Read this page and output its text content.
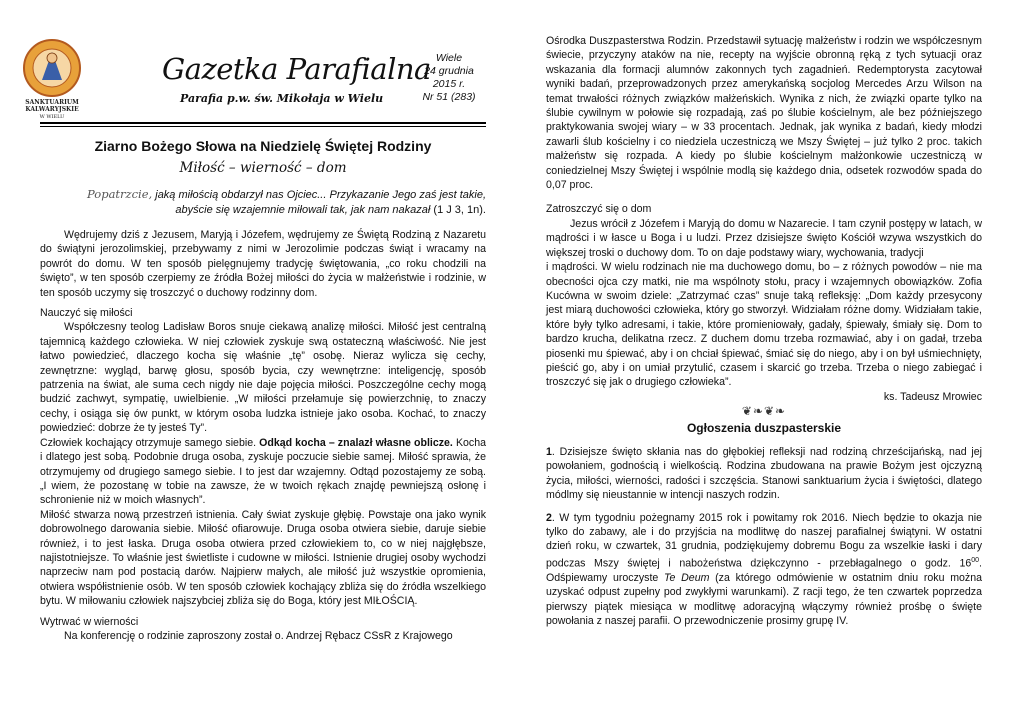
SANKTUARIUM
KALWARYJSKIE
W WIELU
Gazetka Parafialna
Parafia p.w. św. Mikołaja w Wielu
Wiele
24 grudnia
2015 r.
Nr 51 (283)
Ziarno Bożego Słowa na Niedzielę Świętej Rodziny
Miłość – wierność – dom
Popatrzcie, jaką miłością obdarzył nas Ojciec... Przykazanie Jego zaś jest takie,
abyście się wzajemnie miłowali tak, jak nam nakazał (1 J 3, 1n).

Wędrujemy dziś z Jezusem, Maryją i Józefem, wędrujemy ze Świętą Rodziną z Nazaretu do świątyni jerozolimskiej, przebywamy z nimi w Jerozolimie podczas świąt i wracamy na powrót do domu. W ten sposób pielęgnujemy tradycję świętowania, „co roku chodzili na święto”, w ten sposób czerpiemy ze źródła Bożej miłości do życia w małżeństwie i rodzinie, w ten sposób uczymy się troszczyć o duchowy rodzinny dom.

Nauczyć się miłości

Współczesny teolog Ladisław Boros snuje ciekawą analizę miłości. Miłość jest centralną tajemnicą każdego człowieka. W niej człowiek zyskuje swą ostateczną właściwość. Nie jest łatwo powiedzieć, dlaczego kocha się właśnie „tę” osobę. Nieraz wylicza się cechy, zewnętrzne: wygląd, barwę głosu, sposób bycia, czy wewnętrzne: inteligencję, sposób patrzenia na świat, ale suma cech nigdy nie daje pojęcia miłości. Poszczególne cechy mogą budzić zachwyt, sympatię, uwielbienie. „W miłości przełamuje się powierzchnię, to znaczy cechy, i osiąga się ów punkt, w którym osoba ludzka istnieje jako osoba. Kochać, to znaczy powiedzieć: dobrze że ty jesteś Ty”.

Człowiek kochający otrzymuje samego siebie. Odkąd kocha – znalazł własne oblicze. Kocha i dlatego jest sobą. Podobnie druga osoba, zyskuje poczucie siebie samej. Miłość sprawia, że otrzymujemy od drugiego samego siebie. I to jest dar wzajemny. Odtąd pozostajemy ze sobą. „I wiem, że pozostanę w tobie na zawsze, że w twoich rękach znajdę pewniejszą osłonę i schronienie niż w moich własnych”.

Miłość stwarza nową przestrzeń istnienia. Cały świat zyskuje głębię. Powstaje ona jako wynik dobrowolnego darowania siebie. Miłość ofiarowuje. Druga osoba otwiera siebie, daruje siebie również, i to jest łaska. Druga osoba otwiera przed człowiekiem to, co w niej najgłębsze, najistotniejsze. To właśnie jest świetliste i cudowne w miłości. Istnienie drugiej osoby wychodzi naprzeciw nam pod postacią darów. Najpierw małych, ale miłość już wszystkie opromienia, otwiera współistnienie osób. W ten sposób człowiek kochający zbliża się do źródła wszelkiego bytu. W miłowaniu człowiek najszybciej zbliża się do Boga, który jest MIŁOŚCIĄ.

Wytrwać w wierności

Na konferencję o rodzinie zaproszony został o. Andrzej Rębacz CSsR z Krajowego

Ośrodka Duszpasterstwa Rodzin. Przedstawił sytuację małżeństw i rodzin we współczesnym świecie, przyczyny ataków na nie, recepty na wyjście obronną ręką z tych sytuacji oraz wskazania dla formacji alumnów zakonnych tych zagadnień. Redemptorysta zacytował wyniki badań, przeprowadzonych przez amerykańską socjolog Mercedes Arzu Wilson na temat trwałości różnych związków małżeńskich. Wynika z nich, że związki oparte tylko na ślubie cywilnym w połowie się rozpadają, zaś po ślubie kościelnym, ale bez późniejszego praktykowania swojej wiary – w 33 procentach. Jednak, jak wynika z badań, kiedy młodzi zawarli ślub kościelny i co niedziela uczestniczą we Mszy Świętej – już tylko 2 proc. takich małżeństw się rozpada. A kiedy po ślubie kościelnym małżonkowie uczestniczą w coniedzielnej Mszy Świętej i wspólnie modlą się każdego dnia, odsetek rozwodów spada do 0,07 proc.

Zatroszczyć się o dom

Jezus wrócił z Józefem i Maryją do domu w Nazarecie. I tam czynił postępy w latach, w mądrości i w łasce u Boga i u ludzi. Przez dzisiejsze święto Kościół wzywa wszystkich do większej troski o duchowy dom. To on daje podstawy wiary, wychowania, tradycji

i mądrości. W wielu rodzinach nie ma duchowego domu, bo – z różnych powodów – nie ma obecności ojca czy matki, nie ma wspólnoty stołu, pracy i wzajemnych obowiązków. Zofia Kucówna w swoim dziele: „Zatrzymać czas” snuje taką refleksję: „Dom każdy przesycony jest miarą duchowości człowieka, który go stworzył. Widziałam różne domy. Widziałam takie, które były tylko adresami, i takie, które promieniowały, gadały, śpiewały, śmiały się. Dom to bardzo krucha, delikatna rzecz. Z duchem domu trzeba rozmawiać, aby i on gadał, trzeba piosenki mu śpiewać, aby i on chciał śpiewać, śmiać się do niego, aby i on był uśmiechnięty, pieścić go, aby i on umiał przytulić, czasem i skarcić go trzeba. Trzeba o niego zabiegać i troszczyć się jak o drugiego człowieka”.

ks. Tadeusz Mrowiec

❦❧❦❧

Ogłoszenia duszpasterskie

1. Dzisiejsze święto skłania nas do głębokiej refleksji nad rodziną chrześcijańską, nad jej powołaniem, godnością i wielkością. Rodzina zbudowana na prawie Bożym jest ojczyzną życia, miłości, wierności, radości i szczęścia. Stanowi sanktuarium życia i świętości, dlatego módlmy się nieustannie w intencji naszych rodzin.

2. W tym tygodniu pożegnamy 2015 rok i powitamy rok 2016. Niech będzie to okazja nie tylko do zabawy, ale i do przyjścia na modlitwę do naszej parafialnej świątyni. W ostatni dzień roku, w czwartek, 31 grudnia, podziękujemy dobremu Bogu za wszelkie łaski i dary podczas Mszy świętej i nabożeństwa dziękczynno - przebłagalnego o godz. $16^{00}$. Odśpiewamy uroczyste Te Deum (za którego odmówienie w ostatnim dniu roku można uzyskać odpust zupełny pod zwykłymi warunkami). Z racji tego, że ten czwartek poprzedza pierwszy piątek miesiąca w modlitwę adoracyjną włączymy również prośbę o święte powołania z naszej parafii. O przewodniczenie prosimy grupę IV.
